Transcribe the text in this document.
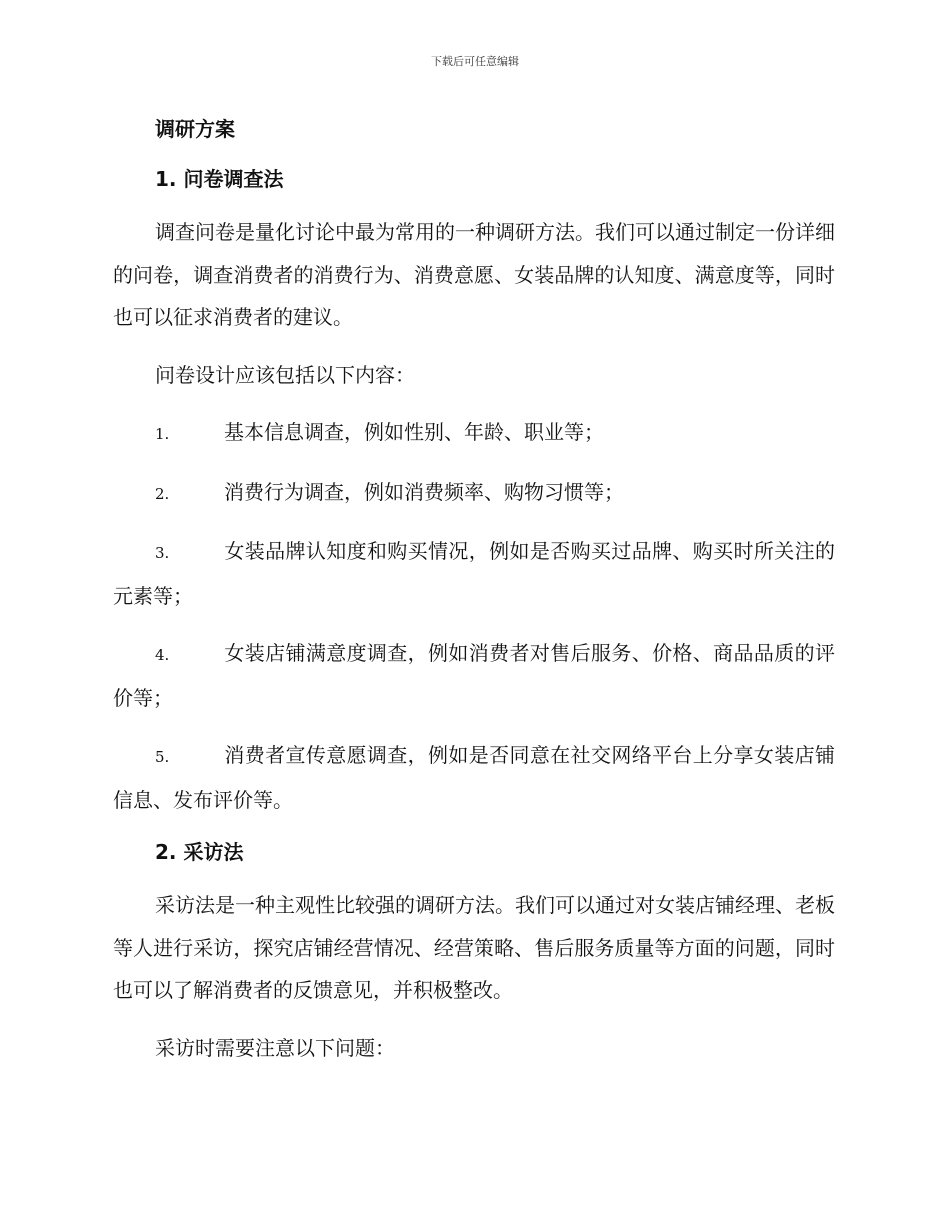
下载后可任意编辑
调研方案
1. 问卷调查法

调查问卷是量化讨论中最为常用的一种调研方法。我们可以通过制定一份详细的问卷，调查消费者的消费行为、消费意愿、女装品牌的认知度、满意度等，同时也可以征求消费者的建议。

问卷设计应该包括以下内容：

1.	基本信息调查，例如性别、年龄、职业等；

2.	消费行为调查，例如消费频率、购物习惯等；

3.	女装品牌认知度和购买情况，例如是否购买过品牌、购买时所关注的元素等；

4.	女装店铺满意度调查，例如消费者对售后服务、价格、商品品质的评价等；

5.	消费者宣传意愿调查，例如是否同意在社交网络平台上分享女装店铺信息、发布评价等。

2. 采访法

采访法是一种主观性比较强的调研方法。我们可以通过对女装店铺经理、老板等人进行采访，探究店铺经营情况、经营策略、售后服务质量等方面的问题，同时也可以了解消费者的反馈意见，并积极整改。

采访时需要注意以下问题：
